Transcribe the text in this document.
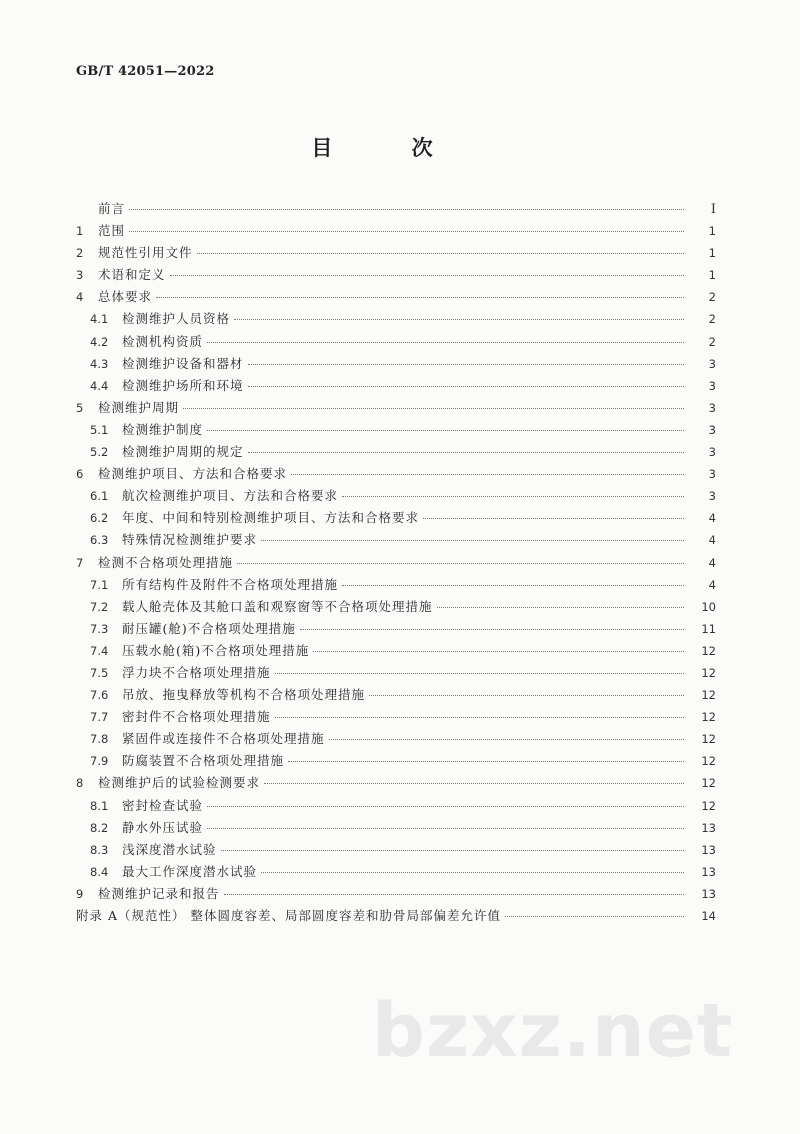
GB/T 42051—2022
目 次
前言	I
1	范围	1
2	规范性引用文件	1
3	术语和定义	1
4	总体要求	2
4.1	检测维护人员资格	2
4.2	检测机构资质	2
4.3	检测维护设备和器材	3
4.4	检测维护场所和环境	3
5	检测维护周期	3
5.1	检测维护制度	3
5.2	检测维护周期的规定	3
6	检测维护项目、方法和合格要求	3
6.1	航次检测维护项目、方法和合格要求	3
6.2	年度、中间和特别检测维护项目、方法和合格要求	4
6.3	特殊情况检测维护要求	4
7	检测不合格项处理措施	4
7.1	所有结构件及附件不合格项处理措施	4
7.2	载人舱壳体及其舱口盖和观察窗等不合格项处理措施	10
7.3	耐压罐(舱)不合格项处理措施	11
7.4	压载水舱(箱)不合格项处理措施	12
7.5	浮力块不合格项处理措施	12
7.6	吊放、拖曳释放等机构不合格项处理措施	12
7.7	密封件不合格项处理措施	12
7.8	紧固件或连接件不合格项处理措施	12
7.9	防腐装置不合格项处理措施	12
8	检测维护后的试验检测要求	12
8.1	密封检查试验	12
8.2	静水外压试验	13
8.3	浅深度潜水试验	13
8.4	最大工作深度潜水试验	13
9	检测维护记录和报告	13
附录 A（规范性） 整体圆度容差、局部圆度容差和肋骨局部偏差允许值	14
bzxz.net
